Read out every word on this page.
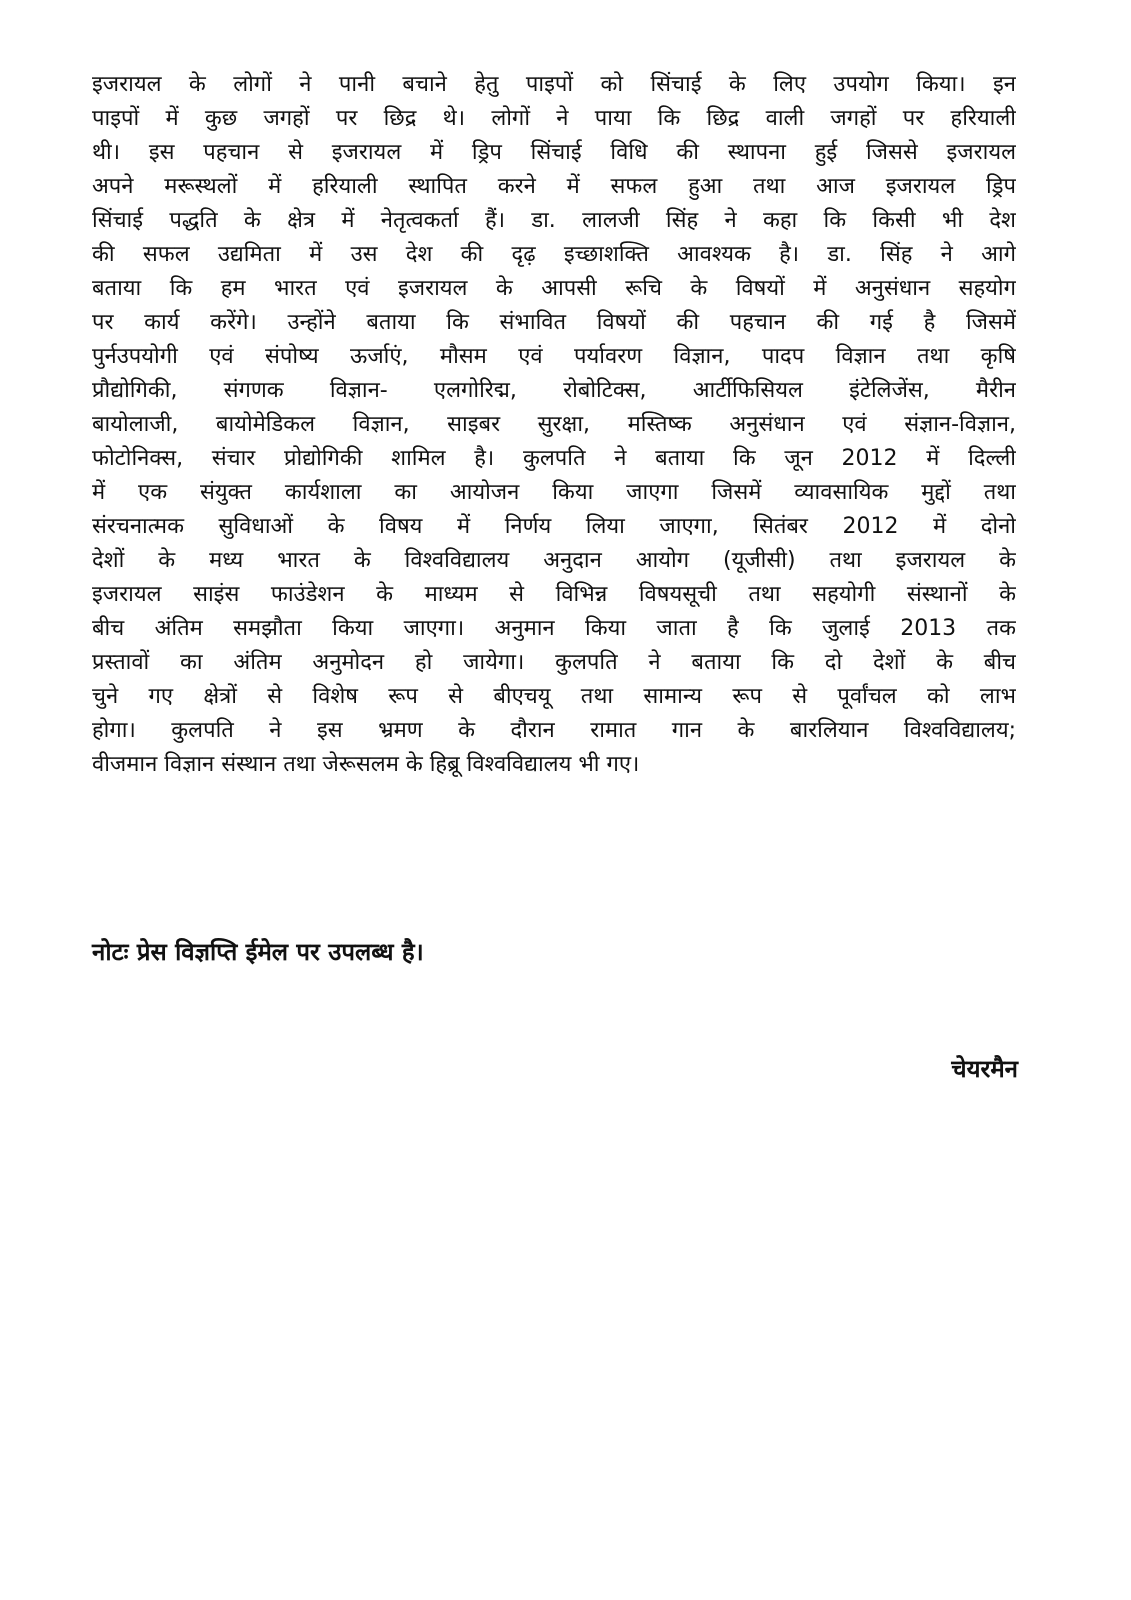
इजरायल के लोगों ने पानी बचाने हेतु पाइपों को सिंचाई के लिए उपयोग किया। इन
पाइपों में कुछ जगहों पर छिद्र थे। लोगों ने पाया कि छिद्र वाली जगहों पर हरियाली
थी। इस पहचान से इजरायल में ड्रिप सिंचाई विधि की स्थापना हुई जिससे इजरायल
अपने मरूस्थलों में हरियाली स्थापित करने में सफल हुआ तथा आज इजरायल ड्रिप
सिंचाई पद्धति के क्षेत्र में नेतृत्वकर्ता हैं। डा. लालजी सिंह ने कहा कि किसी भी देश
की सफल उद्यमिता में उस देश की दृढ़ इच्छाशक्ति आवश्यक है। डा. सिंह ने आगे
बताया कि हम भारत एवं इजरायल के आपसी रूचि के विषयों में अनुसंधान सहयोग
पर कार्य करेंगे। उन्होंने बताया कि संभावित विषयों की पहचान की गई है जिसमें
पुर्नउपयोगी एवं संपोष्य ऊर्जाएं, मौसम एवं पर्यावरण विज्ञान, पादप विज्ञान तथा कृषि
प्रौद्योगिकी, संगणक विज्ञान- एलगोरिद्म, रोबोटिक्स, आर्टीफिसियल इंटेलिजेंस, मैरीन
बायोलाजी, बायोमेडिकल विज्ञान, साइबर सुरक्षा, मस्तिष्क अनुसंधान एवं संज्ञान-विज्ञान,
फोटोनिक्स, संचार प्रोद्योगिकी शामिल है। कुलपति ने बताया कि जून 2012 में दिल्ली
में एक संयुक्त कार्यशाला का आयोजन किया जाएगा जिसमें व्यावसायिक मुद्दों तथा
संरचनात्मक सुविधाओं के विषय में निर्णय लिया जाएगा, सितंबर 2012 में दोनो
देशों के मध्य भारत के विश्वविद्यालय अनुदान आयोग (यूजीसी) तथा इजरायल के
इजरायल साइंस फाउंडेशन के माध्यम से विभिन्न विषयसूची तथा सहयोगी संस्थानों के
बीच अंतिम समझौता किया जाएगा। अनुमान किया जाता है कि जुलाई 2013 तक
प्रस्तावों का अंतिम अनुमोदन हो जायेगा। कुलपति ने बताया कि दो देशों के बीच
चुने गए क्षेत्रों से विशेष रूप से बीएचयू तथा सामान्य रूप से पूर्वांचल को लाभ
होगा। कुलपति ने इस भ्रमण के दौरान रामात गान के बारलियान विश्वविद्यालय;
वीजमान विज्ञान संस्थान तथा जेरूसलम के हिब्रू विश्वविद्यालय भी गए।

नोटः प्रेस विज्ञप्ति ईमेल पर उपलब्ध है।

चेयरमैन
